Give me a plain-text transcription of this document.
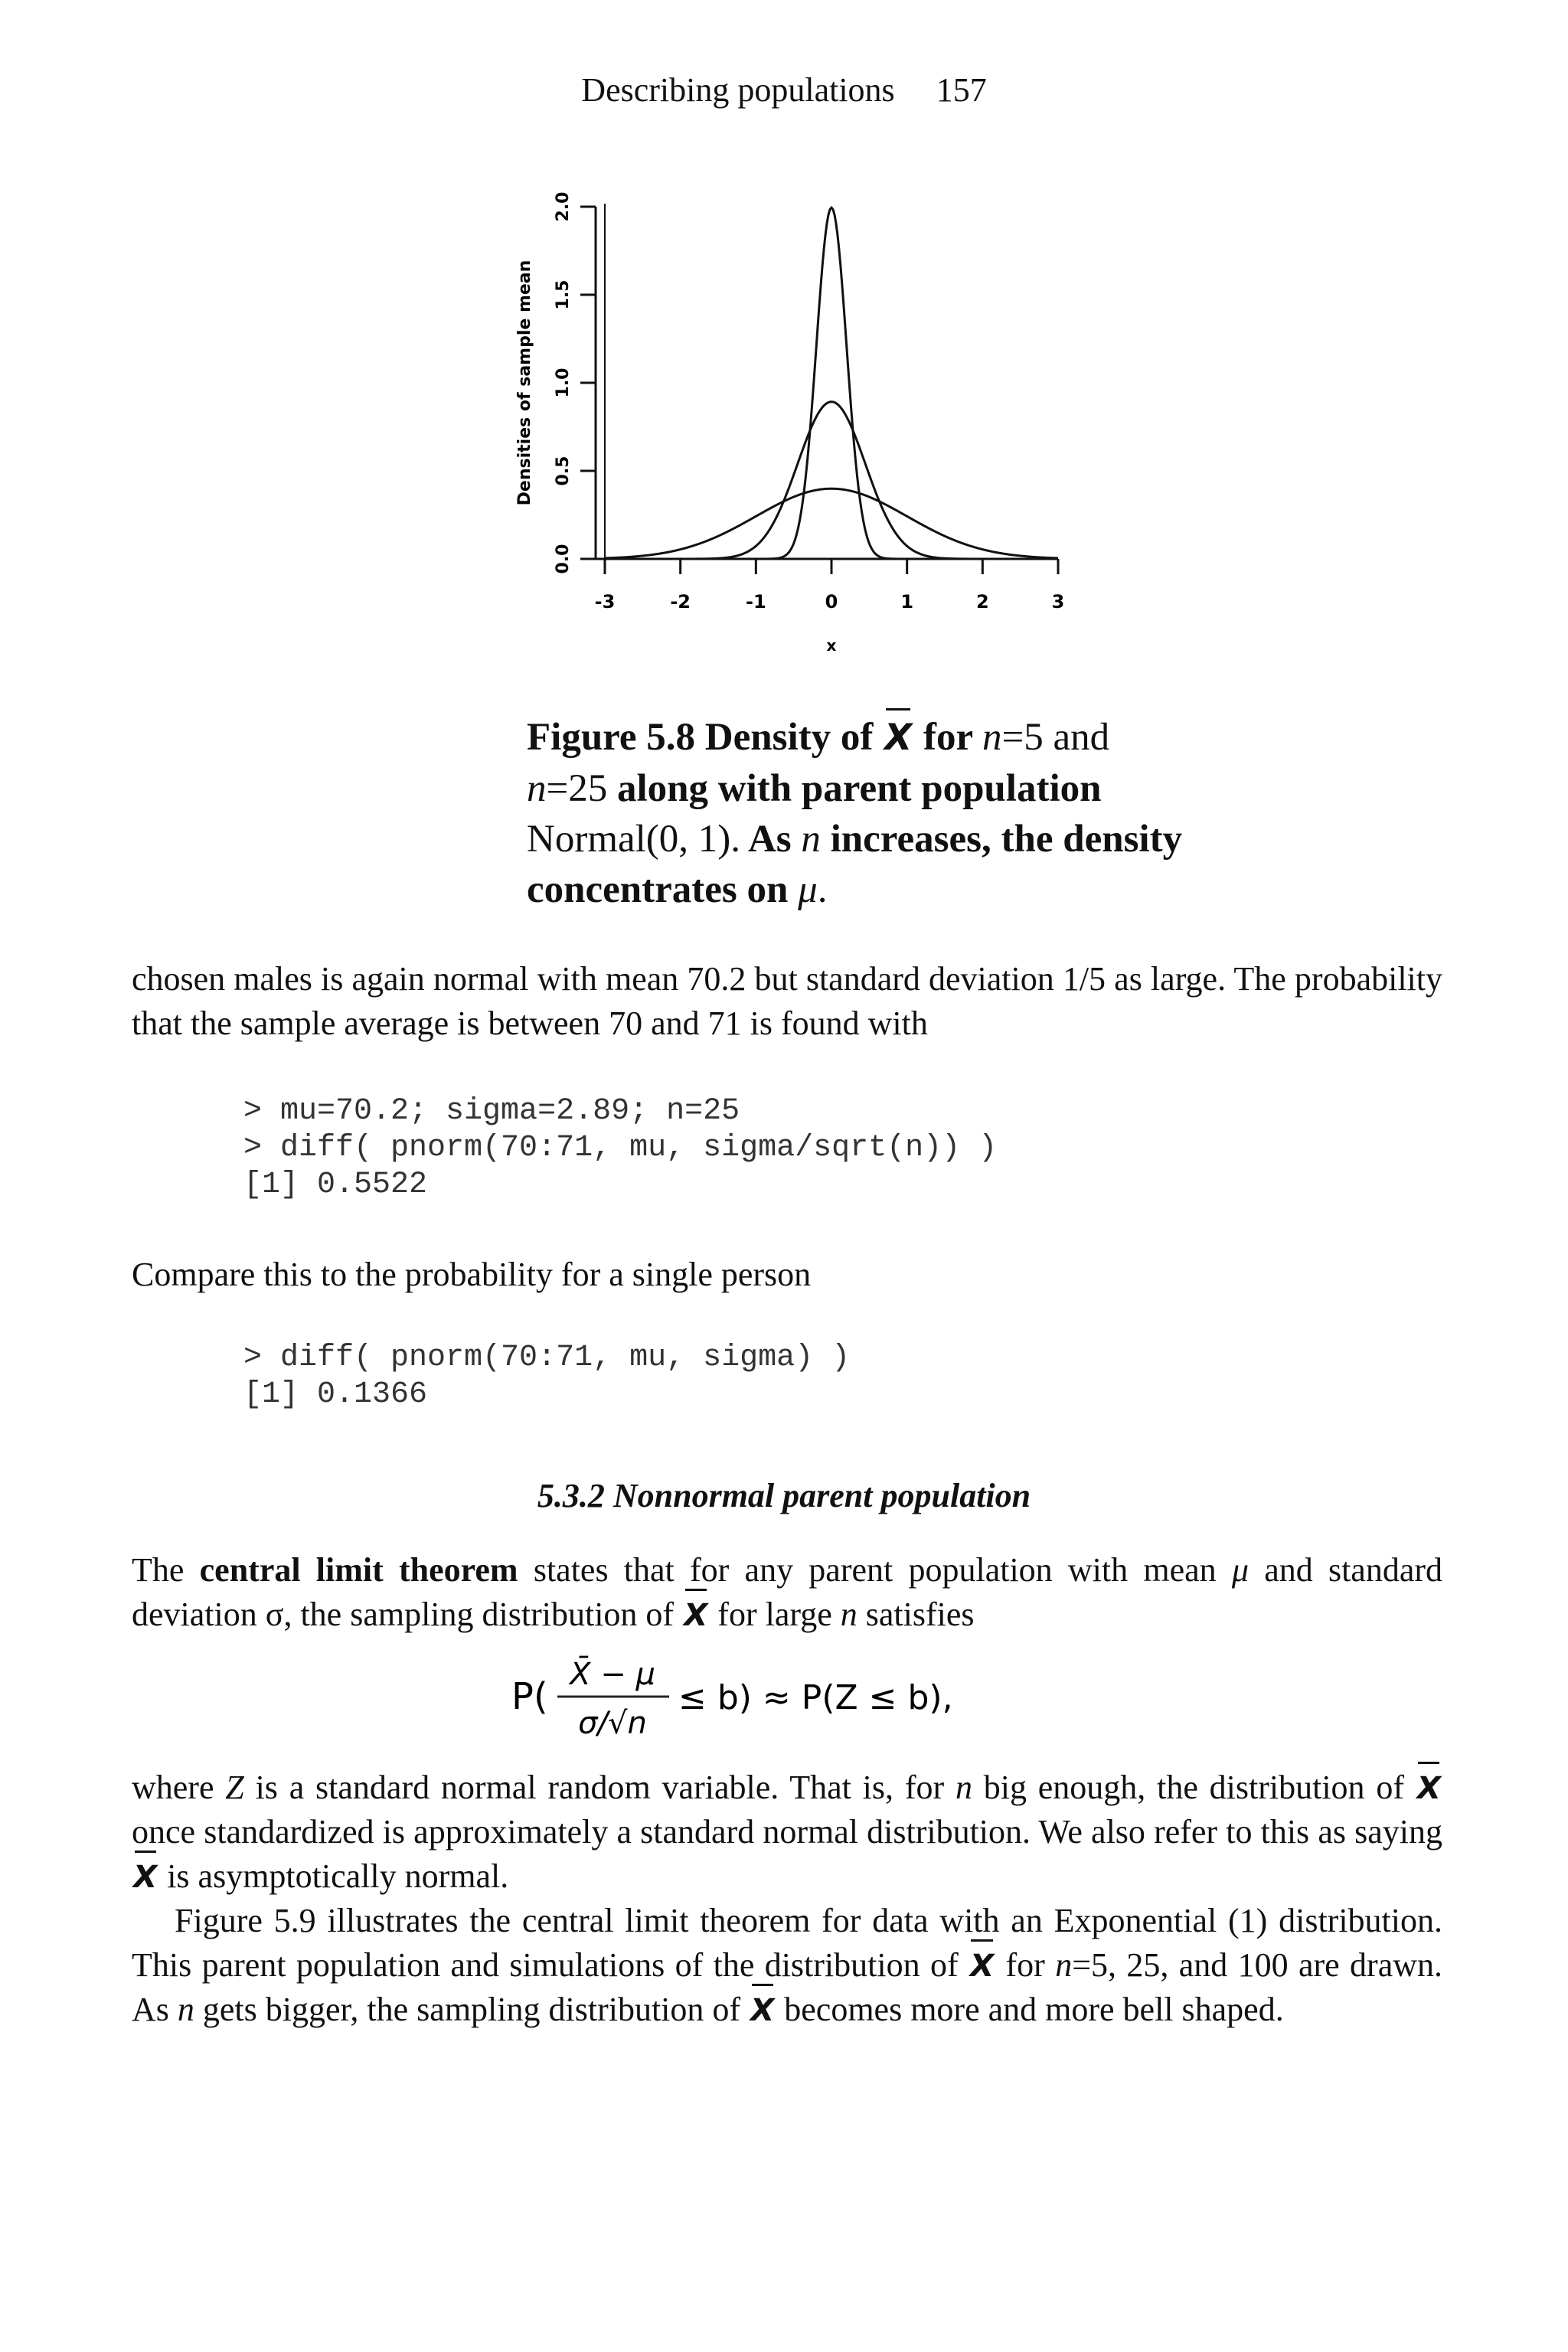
Describing populations 157
-3	-2	-1	0	1	2	3
0.0
0.5
1.0
1.5
2.0
Densities of sample mean
x
Figure 5.8 Density of X for n=5 and
n=25 along with parent population
Normal(0, 1). As n increases, the density concentrates on μ.
chosen males is again normal with mean 70.2 but standard deviation 1/5 as large. The probability that the sample average is between 70 and 71 is found with
> mu=70.2; sigma=2.89; n=25
> diff( pnorm(70:71, mu, sigma/sqrt(n)) )
[1] 0.5522
Compare this to the probability for a single person
> diff( pnorm(70:71, mu, sigma) )
[1] 0.1366
5.3.2 Nonnormal parent population
The central limit theorem states that for any parent population with mean μ and standard deviation σ, the sampling distribution of X for large n satisfies
P(
X̄ − μ
σ/√n
≤ b) ≈ P(Z ≤ b),
where Z is a standard normal random variable. That is, for n big enough, the distribution of X once standardized is approximately a standard normal distribution. We also refer to this as saying X is asymptotically normal.
Figure 5.9 illustrates the central limit theorem for data with an Exponential (1) distribution. This parent population and simulations of the distribution of X for n=5, 25, and 100 are drawn. As n gets bigger, the sampling distribution of X becomes more and more bell shaped.
